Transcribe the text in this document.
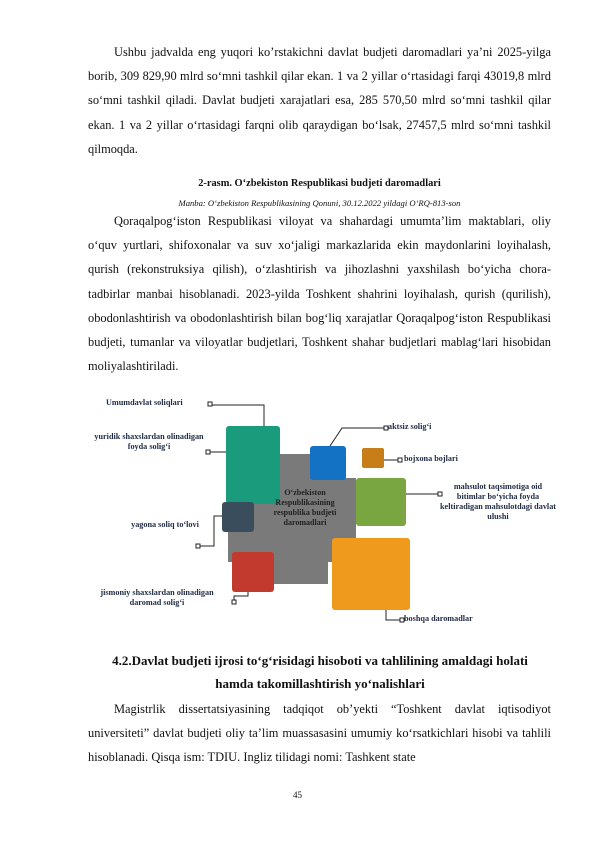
Ushbu jadvalda eng yuqori ko’rstakichni davlat budjeti daromadlari ya’ni 2025-yilga borib, 309 829,90 mlrd so‘mni tashkil qilar ekan. 1 va 2 yillar o‘rtasidagi farqi 43019,8 mlrd so‘mni tashkil qiladi. Davlat budjeti xarajatlari esa, 285 570,50 mlrd so‘mni tashkil qilar ekan. 1 va 2 yillar o‘rtasidagi farqni olib qaraydigan bo‘lsak, 27457,5 mlrd so‘mni tashkil qilmoqda.

2-rasm. O‘zbekiston Respublikasi budjeti daromadlari

Manba: O‘zbekiston Respublikasining Qonuni, 30.12.2022 yildagi O‘RQ-813-son

Qoraqalpog‘iston Respublikasi viloyat va shahardagi umumta’lim maktablari, oliy o‘quv yurtlari, shifoxonalar va suv xo‘jaligi markazlarida ekin maydonlarini loyihalash, qurish (rekonstruksiya qilish), o‘zlashtirish va jihozlashni yaxshilash bo‘yicha chora-tadbirlar manbai hisoblanadi. 2023-yilda Toshkent shahrini loyihalash, qurish (qurilish), obodonlashtirish va obodonlashtirish bilan bog‘liq xarajatlar Qoraqalpog‘iston Respublikasi budjeti, tumanlar va viloyatlar budjetlari, Toshkent shahar budjetlari mablag‘lari hisobidan moliyalashtiriladi.

Umumdavlat soliqlari
yuridik shaxslardan olinadigan foyda solig‘i
yagona soliq to‘lovi
jismoniy shaxslardan olinadigan daromad solig‘i
aktsiz solig‘i
bojxona bojlari
mahsulot taqsimotiga oid bitimlar bo‘yicha foyda keltiradigan mahsulotdagi davlat ulushi
boshqa daromadlar
O‘zbekiston Respublikasining respublika budjeti daromadlari

4.2.Davlat budjeti ijrosi to‘g‘risidagi hisoboti va tahlilining amaldagi holati

hamda takomillashtirish yo‘nalishlari

Magistrlik dissertatsiyasining tadqiqot ob’yekti “Toshkent davlat iqtisodiyot universiteti” davlat budjeti oliy ta’lim muassasasini umumiy ko‘rsatkichlari hisobi va tahlili hisoblanadi. Qisqa ism: TDIU. Ingliz tilidagi nomi: Tashkent state

45
